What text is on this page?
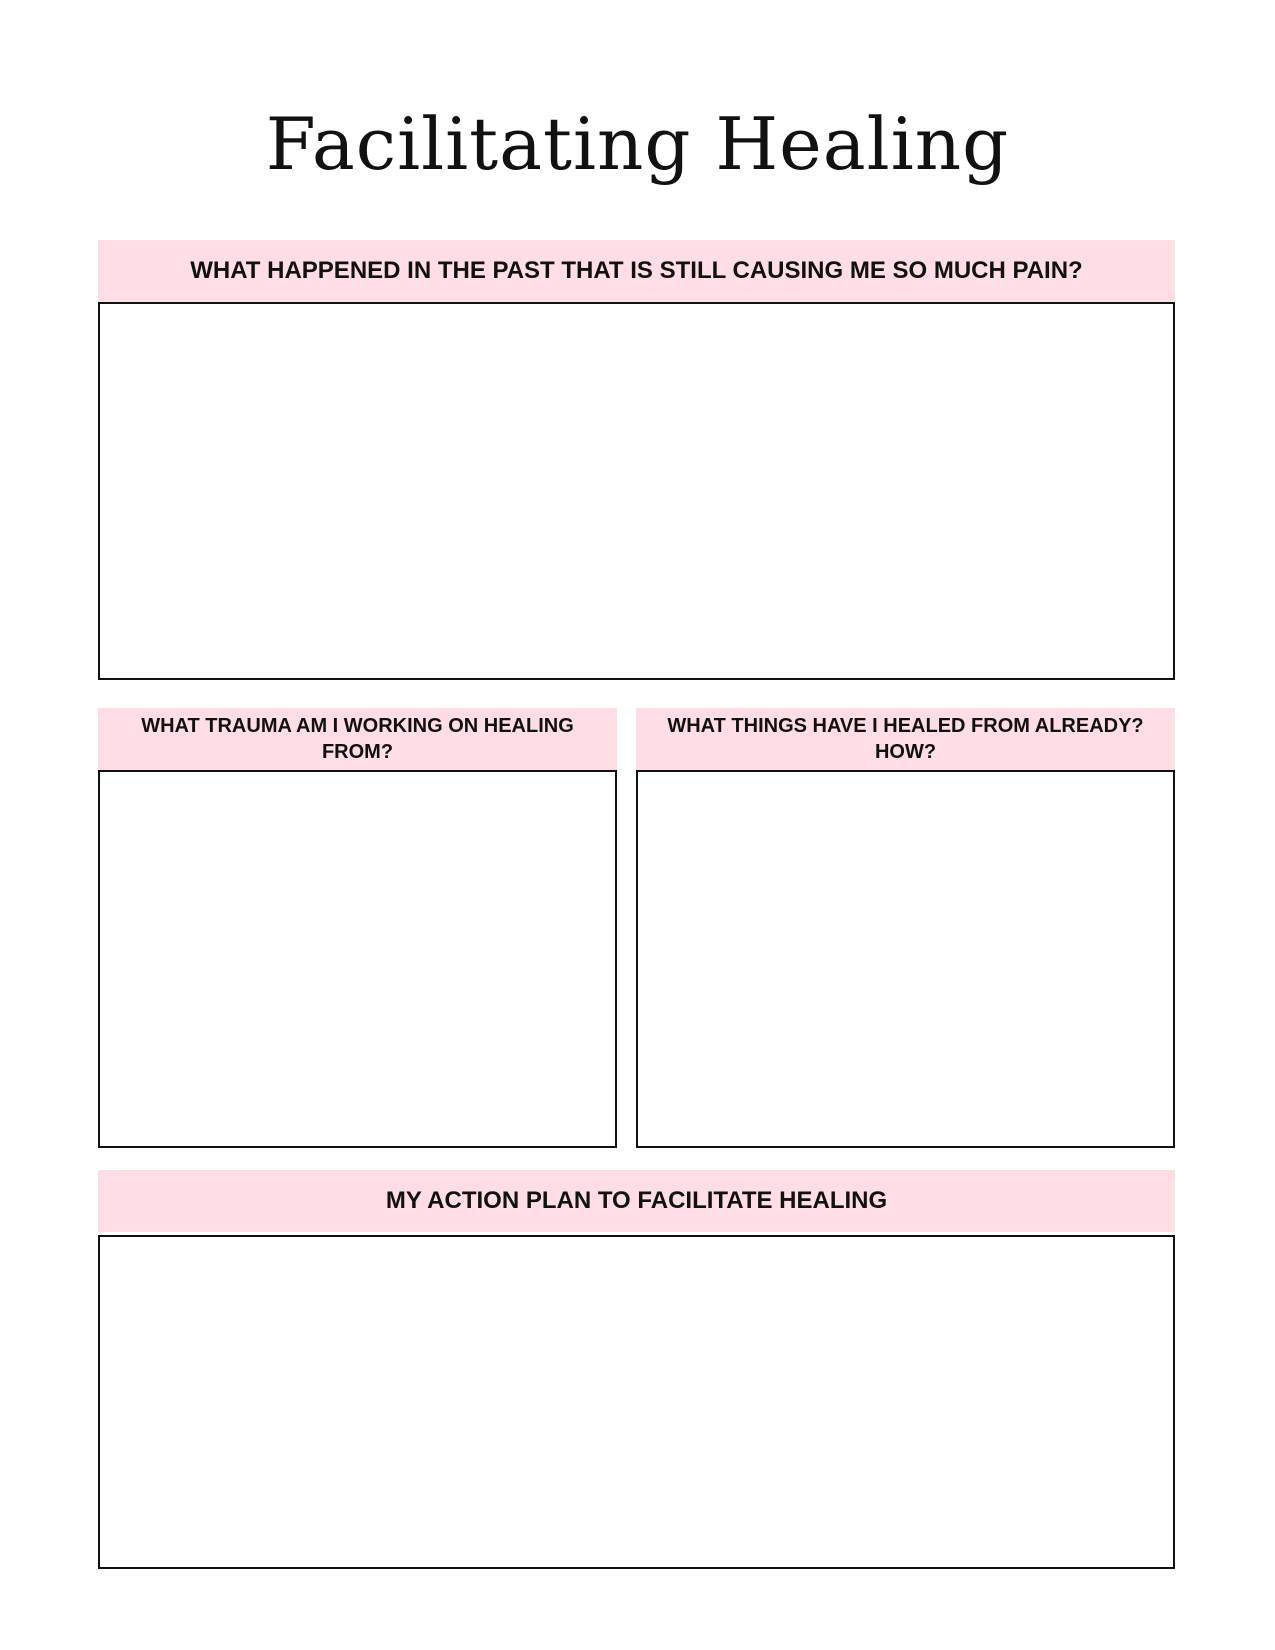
Facilitating Healing
WHAT HAPPENED IN THE PAST THAT IS STILL CAUSING ME SO MUCH PAIN?
WHAT TRAUMA AM I WORKING ON HEALING FROM?
WHAT THINGS HAVE I HEALED FROM ALREADY? HOW?
MY ACTION PLAN TO FACILITATE HEALING
